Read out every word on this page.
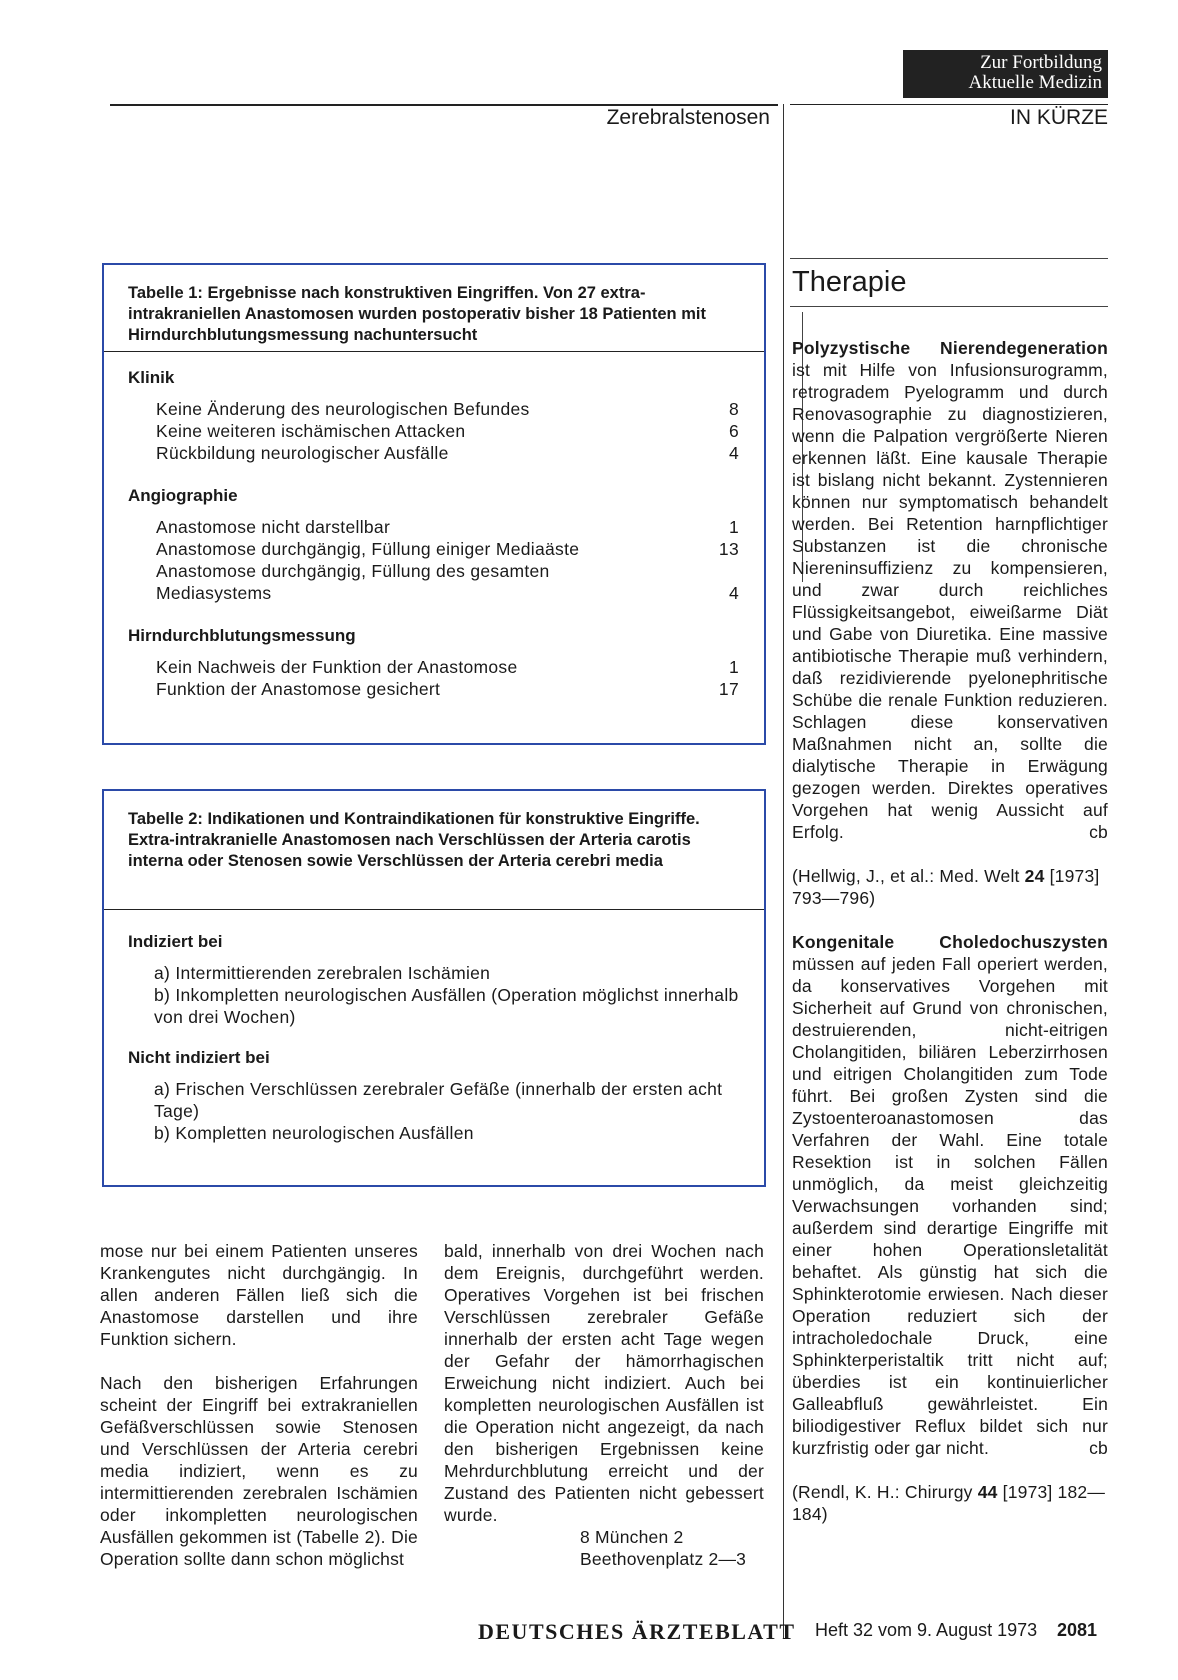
Zur Fortbildung
Aktuelle Medizin
Zerebralstenosen	IN KÜRZE
Tabelle 1: Ergebnisse nach konstruktiven Eingriffen. Von 27 extra-intrakraniellen Anastomosen wurden postoperativ bisher 18 Patienten mit Hirndurchblutungsmessung nachuntersucht
Klinik
Keine Änderung des neurologischen Befundes	8
Keine weiteren ischämischen Attacken	6
Rückbildung neurologischer Ausfälle	4
Angiographie
Anastomose nicht darstellbar	1
Anastomose durchgängig, Füllung einiger Mediaäste	13
Anastomose durchgängig, Füllung des gesamten Mediasystems	4
Hirndurchblutungsmessung
Kein Nachweis der Funktion der Anastomose	1
Funktion der Anastomose gesichert	17
Tabelle 2: Indikationen und Kontraindikationen für konstruktive Eingriffe. Extra-intrakranielle Anastomosen nach Verschlüssen der Arteria carotis interna oder Stenosen sowie Verschlüssen der Arteria cerebri media
Indiziert bei
a) Intermittierenden zerebralen Ischämien
b) Inkompletten neurologischen Ausfällen (Operation möglichst innerhalb von drei Wochen)
Nicht indiziert bei
a) Frischen Verschlüssen zerebraler Gefäße (innerhalb der ersten acht Tage)
b) Kompletten neurologischen Ausfällen

mose nur bei einem Patienten unseres Krankengutes nicht durchgängig. In allen anderen Fällen ließ sich die Anastomose darstellen und ihre Funktion sichern.

Nach den bisherigen Erfahrungen scheint der Eingriff bei extrakraniellen Gefäßverschlüssen sowie Stenosen und Verschlüssen der Arteria cerebri media indiziert, wenn es zu intermittierenden zerebralen Ischämien oder inkompletten neurologischen Ausfällen gekommen ist (Tabelle 2). Die Operation sollte dann schon möglichst

bald, innerhalb von drei Wochen nach dem Ereignis, durchgeführt werden. Operatives Vorgehen ist bei frischen Verschlüssen zerebraler Gefäße innerhalb der ersten acht Tage wegen der Gefahr der hämorrhagischen Erweichung nicht indiziert. Auch bei kompletten neurologischen Ausfällen ist die Operation nicht angezeigt, da nach den bisherigen Ergebnissen keine Mehrdurchblutung erreicht und der Zustand des Patienten nicht gebessert wurde.

8 München 2
Beethovenplatz 2—3
Therapie
Polyzystische Nierendegeneration

ist mit Hilfe von Infusionsurogramm, retrogradem Pyelogramm und durch Renovasographie zu diagnostizieren, wenn die Palpation vergrößerte Nieren erkennen läßt. Eine kausale Therapie ist bislang nicht bekannt. Zystennieren können nur symptomatisch behandelt werden. Bei Retention harnpflichtiger Substanzen ist die chronische Niereninsuffizienz zu kompensieren, und zwar durch reichliches Flüssigkeitsangebot, eiweißarme Diät und Gabe von Diuretika. Eine massive antibiotische Therapie muß verhindern, daß rezidivierende pyelonephritische Schübe die renale Funktion reduzieren. Schlagen diese konservativen Maßnahmen nicht an, sollte die dialytische Therapie in Erwägung gezogen werden. Direktes operatives Vorgehen hat wenig Aussicht auf Erfolg.	cb
(Hellwig, J., et al.: Med. Welt 24 [1973] 793—796)
Kongenitale Choledochuszysten

müssen auf jeden Fall operiert werden, da konservatives Vorgehen mit Sicherheit auf Grund von chronischen, destruierenden, nicht-eitrigen Cholangitiden, biliären Leberzirrhosen und eitrigen Cholangitiden zum Tode führt. Bei großen Zysten sind die Zystoenteroanastomosen das Verfahren der Wahl. Eine totale Resektion ist in solchen Fällen unmöglich, da meist gleichzeitig Verwachsungen vorhanden sind; außerdem sind derartige Eingriffe mit einer hohen Operationsletalität behaftet. Als günstig hat sich die Sphinkterotomie erwiesen. Nach dieser Operation reduziert sich der intracholedochale Druck, eine Sphinkterperistaltik tritt nicht auf; überdies ist ein kontinuierlicher Galleabfluß gewährleistet. Ein biliodigestiver Reflux bildet sich nur kurzfristig oder gar nicht.	cb
(Rendl, K. H.: Chirurgy 44 [1973] 182—184)
DEUTSCHES ÄRZTEBLATT Heft 32 vom 9. August 1973 2081
